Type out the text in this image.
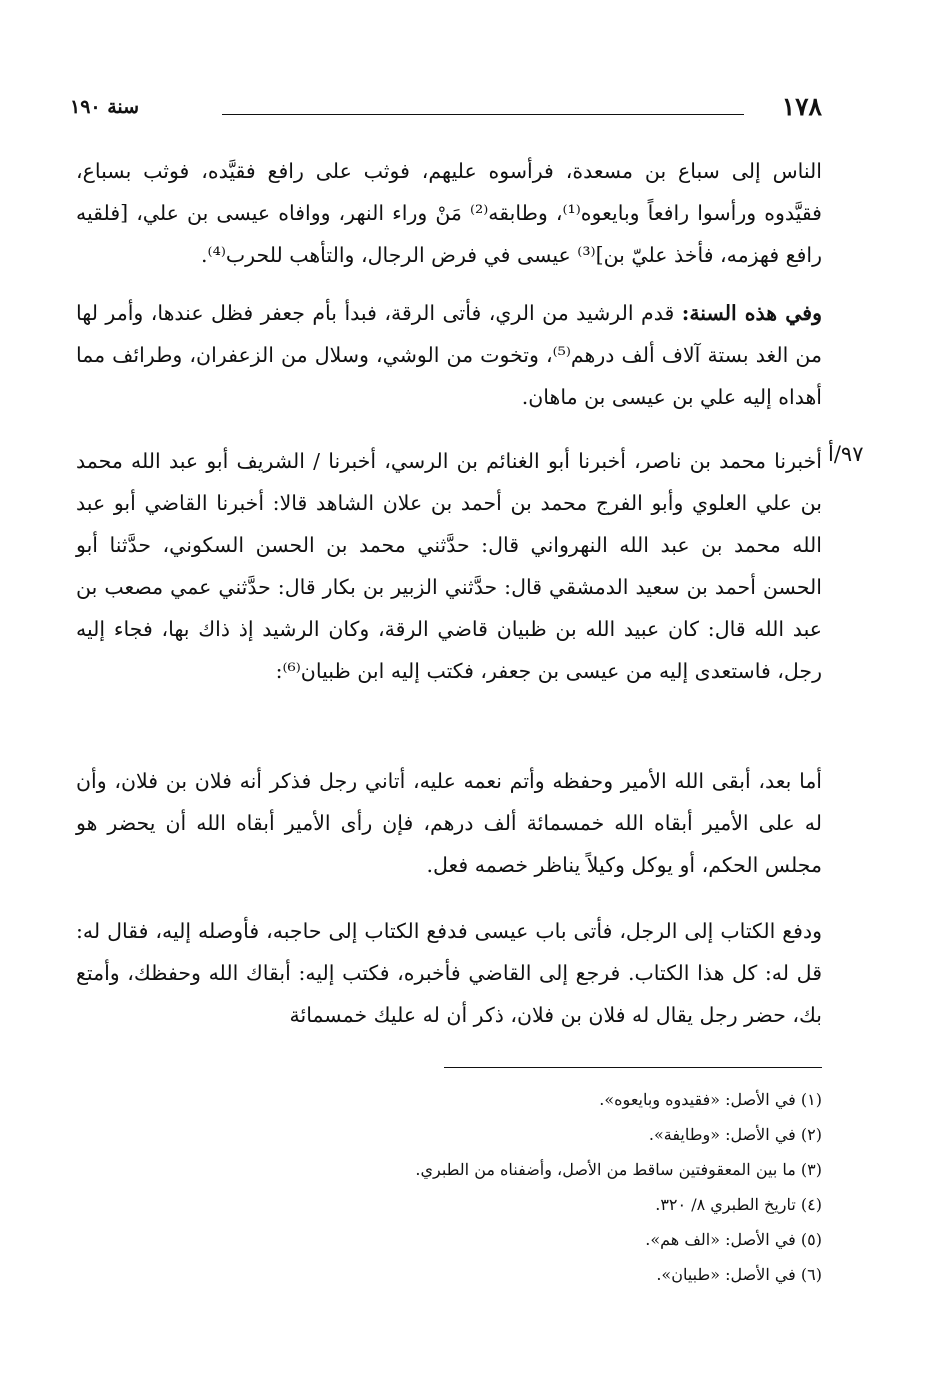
١٧٨
سنة ١٩٠
الناس إلى سباع بن مسعدة، فرأسوه عليهم، فوثب على رافع فقيَّده، فوثب بسباع، فقيَّدوه ورأسوا رافعاً وبايعوه⁽¹⁾، وطابقه⁽²⁾ مَنْ وراء النهر، ووافاه عيسى بن علي، [فلقيه رافع فهزمه، فأخذ عليّ بن]⁽³⁾ عيسى في فرض الرجال، والتأهب للحرب⁽⁴⁾.
وفي هذه السنة: قدم الرشيد من الري، فأتى الرقة، فبدأ بأم جعفر فظل عندها، وأمر لها من الغد بستة آلاف ألف درهم⁽⁵⁾، وتخوت من الوشي، وسلال من الزعفران، وطرائف مما أهداه إليه علي بن عيسى بن ماهان.
٩٧/أ
أخبرنا محمد بن ناصر، أخبرنا أبو الغنائم بن الرسي، أخبرنا / الشريف أبو عبد الله محمد بن علي العلوي وأبو الفرج محمد بن أحمد بن علان الشاهد قالا: أخبرنا القاضي أبو عبد الله محمد بن عبد الله النهرواني قال: حدَّثني محمد بن الحسن السكوني، حدَّثنا أبو الحسن أحمد بن سعيد الدمشقي قال: حدَّثني الزبير بن بكار قال: حدَّثني عمي مصعب بن عبد الله قال: كان عبيد الله بن ظبيان قاضي الرقة، وكان الرشيد إذ ذاك بها، فجاء إليه رجل، فاستعدى إليه من عيسى بن جعفر، فكتب إليه ابن ظبيان⁽⁶⁾:
أما بعد، أبقى الله الأمير وحفظه وأتم نعمه عليه، أتاني رجل فذكر أنه فلان بن فلان، وأن له على الأمير أبقاه الله خمسمائة ألف درهم، فإن رأى الأمير أبقاه الله أن يحضر هو مجلس الحكم، أو يوكل وكيلاً يناظر خصمه فعل.
ودفع الكتاب إلى الرجل، فأتى باب عيسى فدفع الكتاب إلى حاجبه، فأوصله إليه، فقال له: قل له: كل هذا الكتاب. فرجع إلى القاضي فأخبره، فكتب إليه: أبقاك الله وحفظك، وأمتع بك، حضر رجل يقال له فلان بن فلان، ذكر أن له عليك خمسمائة
(١) في الأصل: «فقيدوه وبايعوه».
(٢) في الأصل: «وطايفة».
(٣) ما بين المعقوفتين ساقط من الأصل، وأضفناه من الطبري.
(٤) تاريخ الطبري ٨/ ٣٢٠.
(٥) في الأصل: «الف هم».
(٦) في الأصل: «طبيان».
